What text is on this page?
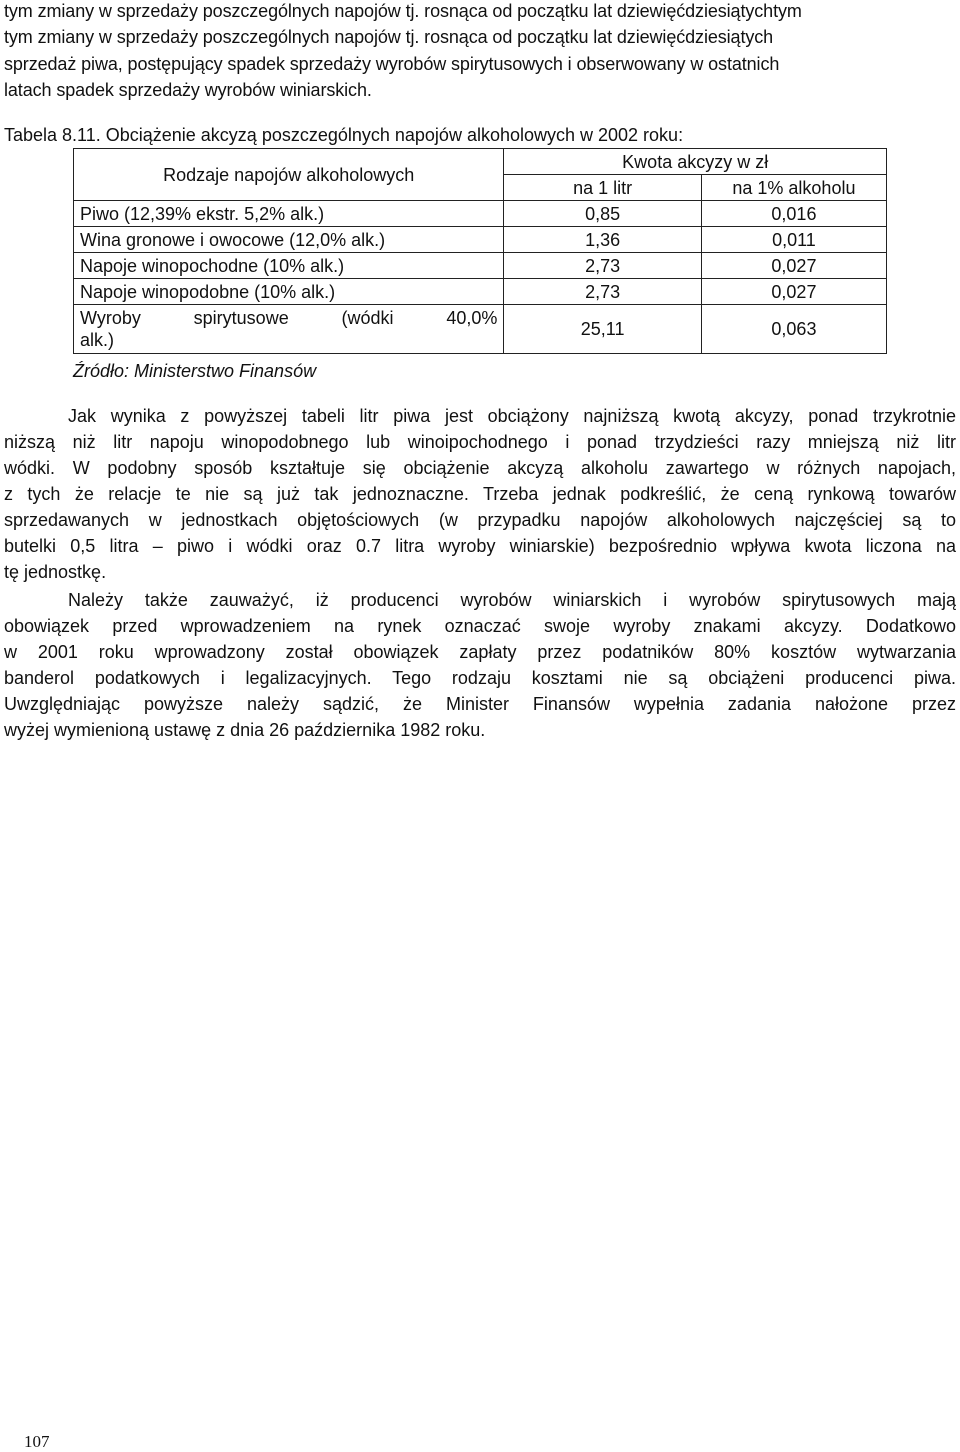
tym zmiany w sprzedaży poszczególnych napojów tj. rosnąca od początku lat dziewięćdziesiątychtym
tym zmiany w sprzedaży poszczególnych napojów tj. rosnąca od początku lat dziewięćdziesiątych
sprzedaż piwa, postępujący spadek sprzedaży wyrobów spirytusowych i obserwowany w ostatnich
latach spadek sprzedaży wyrobów winiarskich.
Tabela 8.11. Obciążenie akcyzą poszczególnych napojów alkoholowych w 2002 roku:
Rodzaje napojów alkoholowych	Kwota akcyzy w zł	
	na 1 litr	na 1% alkoholu
Piwo (12,39% ekstr. 5,2% alk.)	0,85	0,016
Wina gronowe i owocowe (12,0% alk.)	1,36	0,011
Napoje winopochodne (10% alk.)	2,73	0,027
Napoje winopodobne (10% alk.)	2,73	0,027

Wyroby spirytusowe (wódki 40,0%
alk.)	25,11	0,063
Źródło: Ministerstwo Finansów
Jak wynika z powyższej tabeli litr piwa jest obciążony najniższą kwotą akcyzy, ponad trzykrotnie
niższą niż litr napoju winopodobnego lub winoipochodnego i ponad trzydzieści razy mniejszą niż litr
wódki. W podobny sposób kształtuje się obciążenie akcyzą alkoholu zawartego w różnych napojach,
z tych że relacje te nie są już tak jednoznaczne. Trzeba jednak podkreślić, że ceną rynkową towarów
sprzedawanych w jednostkach objętościowych (w przypadku napojów alkoholowych najczęściej są to
butelki 0,5 litra – piwo i wódki oraz 0.7 litra wyroby winiarskie) bezpośrednio wpływa kwota liczona na
tę jednostkę.
Należy także zauważyć, iż producenci wyrobów winiarskich i wyrobów spirytusowych mają
obowiązek przed wprowadzeniem na rynek oznaczać swoje wyroby znakami akcyzy. Dodatkowo
w 2001 roku wprowadzony został obowiązek zapłaty przez podatników 80% kosztów wytwarzania
banderol podatkowych i legalizacyjnych. Tego rodzaju kosztami nie są obciążeni producenci piwa.
Uwzględniając powyższe należy sądzić, że Minister Finansów wypełnia zadania nałożone przez
wyżej wymienioną ustawę z dnia 26 października 1982 roku.
107
